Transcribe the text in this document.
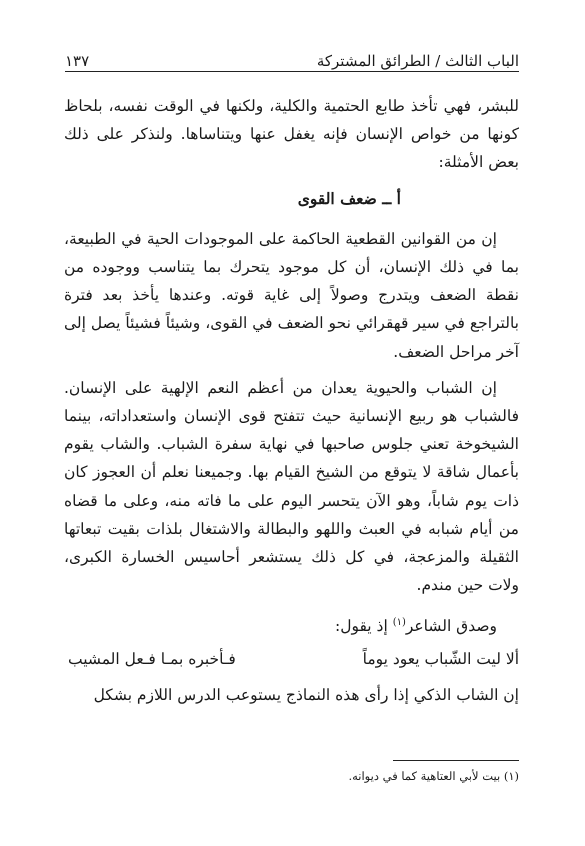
الباب الثالث / الطرائق المشتركة
١٣٧

للبشر، فهي تأخذ طابع الحتمية والكلية، ولكنها في الوقت نفسه، بلحاظ كونها من خواص الإنسان فإنه يغفل عنها ويتناساها. ولنذكر على ذلك بعض الأمثلة:

أ ــ ضعف القوى

إن من القوانين القطعية الحاكمة على الموجودات الحية في الطبيعة، بما في ذلك الإنسان، أن كل موجود يتحرك بما يتناسب ووجوده من نقطة الضعف ويتدرج وصولاً إلى غاية قوته. وعندها يأخذ بعد فترة بالتراجع في سير قهقرائي نحو الضعف في القوى، وشيئاً فشيئاً يصل إلى آخر مراحل الضعف.

إن الشباب والحيوية يعدان من أعظم النعم الإلهية على الإنسان. فالشباب هو ربيع الإنسانية حيث تتفتح قوى الإنسان واستعداداته، بينما الشيخوخة تعني جلوس صاحبها في نهاية سفرة الشباب. والشاب يقوم بأعمال شاقة لا يتوقع من الشيخ القيام بها. وجميعنا نعلم أن العجوز كان ذات يوم شاباً، وهو الآن يتحسر اليوم على ما فاته منه، وعلى ما قضاه من أيام شبابه في العبث واللهو والبطالة والاشتغال بلذات بقيت تبعاتها الثقيلة والمزعجة، في كل ذلك يستشعر أحاسيس الخسارة الكبرى، ولات حين مندم.

وصدق الشاعر$^{(١)}$ إذ يقول:

ألا ليت الشّباب يعود يوماً
فـأخبره بمـا فـعل المشيب

إن الشاب الذكي إذا رأى هذه النماذج يستوعب الدرس اللازم بشكل

(١) بيت لأبي العتاهية كما في ديوانه.
